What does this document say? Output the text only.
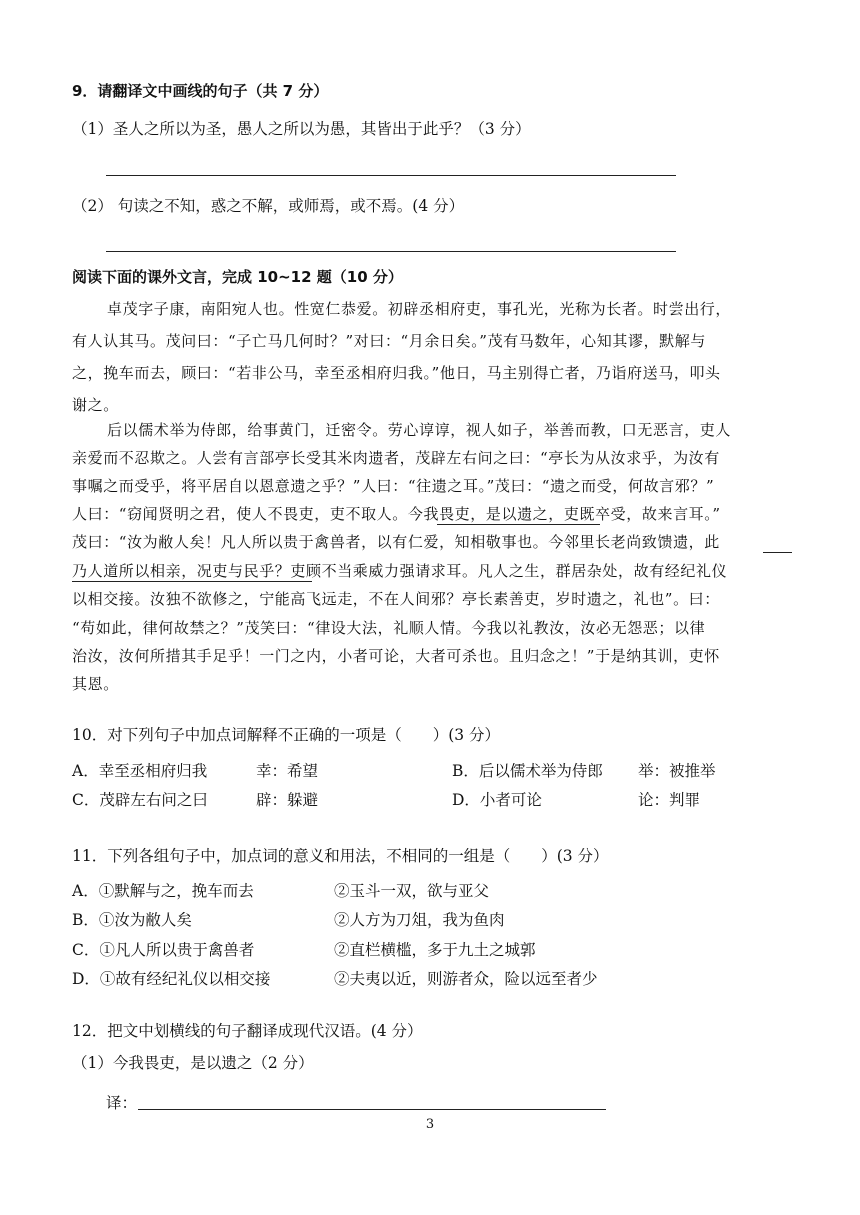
9．请翻译文中画线的句子（共 7 分）
（1）圣人之所以为圣，愚人之所以为愚，其皆出于此乎？（3 分）
（2） 句读之不知，惑之不解，或师焉，或不焉。(4 分）
阅读下面的课外文言，完成 10~12 题（10 分）
卓茂字子康，南阳宛人也。性宽仁恭爱。初辟丞相府吏，事孔光，光称为长者。时尝出行，
有人认其马。茂问曰：“子亡马几何时？”对曰：“月余日矣。”茂有马数年，心知其谬，默解与
之，挽车而去，顾曰：“若非公马，幸至丞相府归我。”他日，马主别得亡者，乃诣府送马，叩头
谢之。
后以儒术举为侍郎，给事黄门，迁密令。劳心谆谆，视人如子，举善而教，口无恶言，吏人
亲爱而不忍欺之。人尝有言部亭长受其米肉遗者，茂辟左右问之曰：“亭长为从汝求乎，为汝有
事嘱之而受乎，将平居自以恩意遗之乎？”人曰：“往遗之耳。”茂曰：“遗之而受，何故言邪？”
人曰：“窃闻贤明之君，使人不畏吏，吏不取人。今我畏吏，是以遗之，吏既卒受，故来言耳。”
茂曰：“汝为敝人矣！凡人所以贵于禽兽者，以有仁爱，知相敬事也。今邻里长老尚致馈遗，此
乃人道所以相亲，况吏与民乎？吏顾不当乘威力强请求耳。凡人之生，群居杂处，故有经纪礼仪
以相交接。汝独不欲修之，宁能高飞远走，不在人间邪？亭长素善吏，岁时遗之，礼也”。曰：
“苟如此，律何故禁之？”茂笑曰：“律设大法，礼顺人情。今我以礼教汝，汝必无怨恶；以律
治汝，汝何所措其手足乎！一门之内，小者可论，大者可杀也。且归念之！”于是纳其训，吏怀
其恩。
10．对下列句子中加点词解释不正确的一项是（　　）(3 分）
A．幸至丞相府归我	幸：希望	B．后以儒术举为侍郎 举：被推举
C．茂辟左右问之曰	辟：躲避	D．小者可论	论：判罪
11．下列各组句子中，加点词的意义和用法，不相同的一组是（　　）(3 分）
A．①默解与之，挽车而去	②玉斗一双，欲与亚父
B．①汝为敝人矣	②人方为刀俎，我为鱼肉
C．①凡人所以贵于禽兽者	②直栏横槛，多于九土之城郭
D．①故有经纪礼仪以相交接	②夫夷以近，则游者众，险以远至者少
12．把文中划横线的句子翻译成现代汉语。(4 分）
（1）今我畏吏，是以遗之（2 分）
译：
3
